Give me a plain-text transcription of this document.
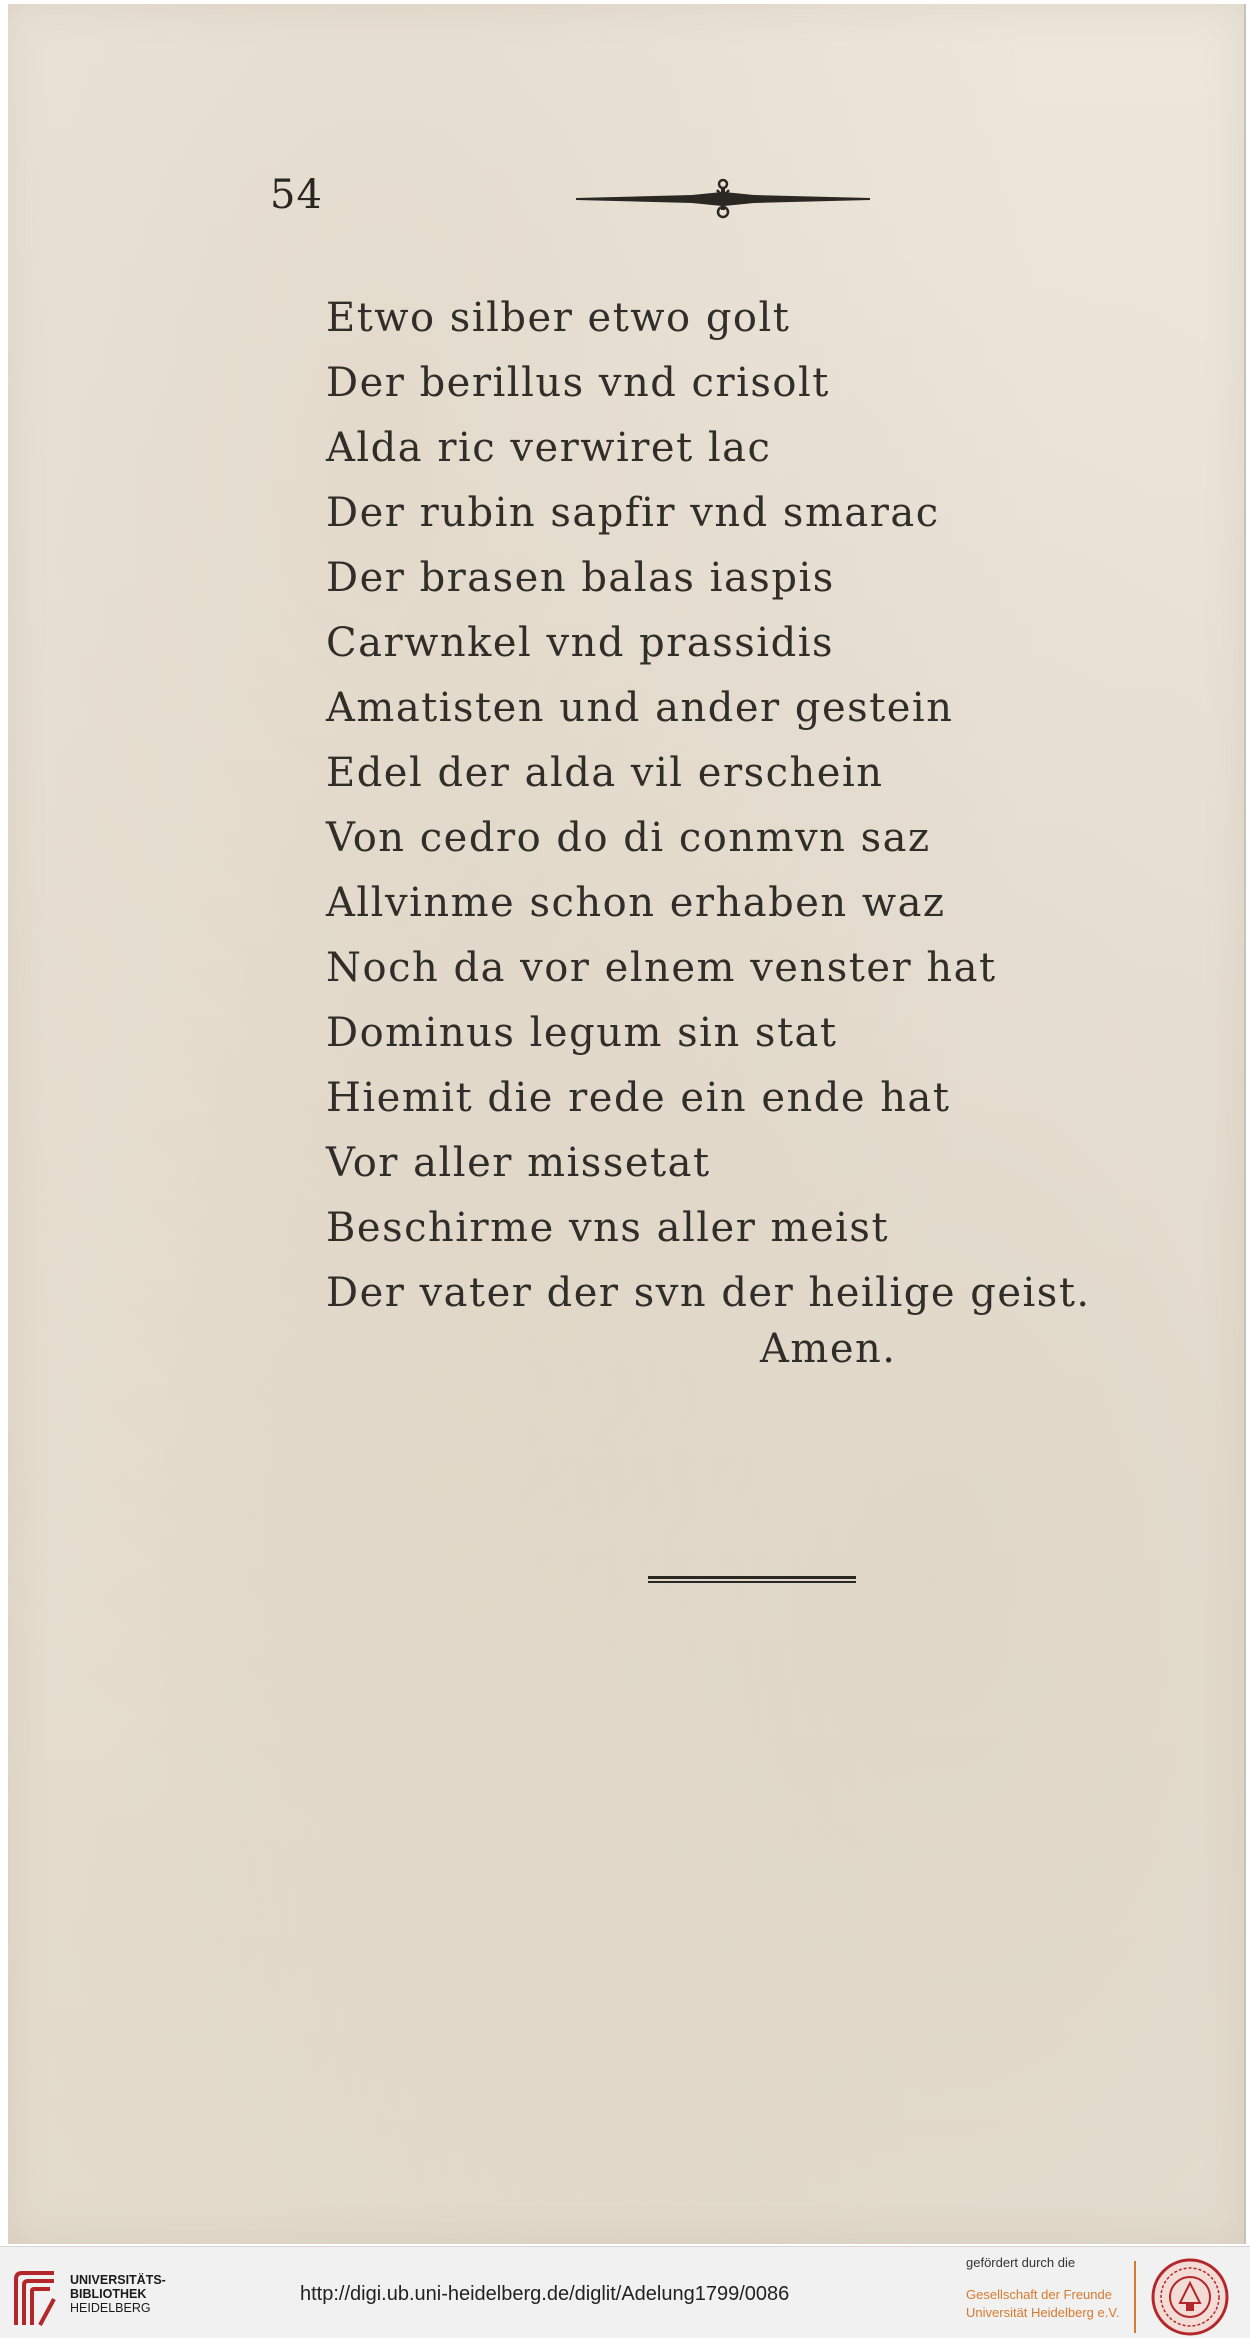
54
Etwo silber etwo golt
Der berillus vnd crisolt
Alda ric verwiret lac
Der rubin sapfir vnd smarac
Der brasen balas iaspis
Carwnkel vnd prassidis
Amatisten und ander gestein
Edel der alda vil erschein
Von cedro do di conmvn saz
Allvinme schon erhaben waz
Noch da vor elnem venster hat
Dominus legum sin stat
Hiemit die rede ein ende hat
Vor aller missetat
Beschirme vns aller meist
Der vater der svn der heilige geist.
Amen.
UNIVERSITÄTS-
BIBLIOTHEK
HEIDELBERG
http://digi.ub.uni-heidelberg.de/diglit/Adelung1799/0086
gefördert durch die
Gesellschaft der Freunde
Universität Heidelberg e.V.
